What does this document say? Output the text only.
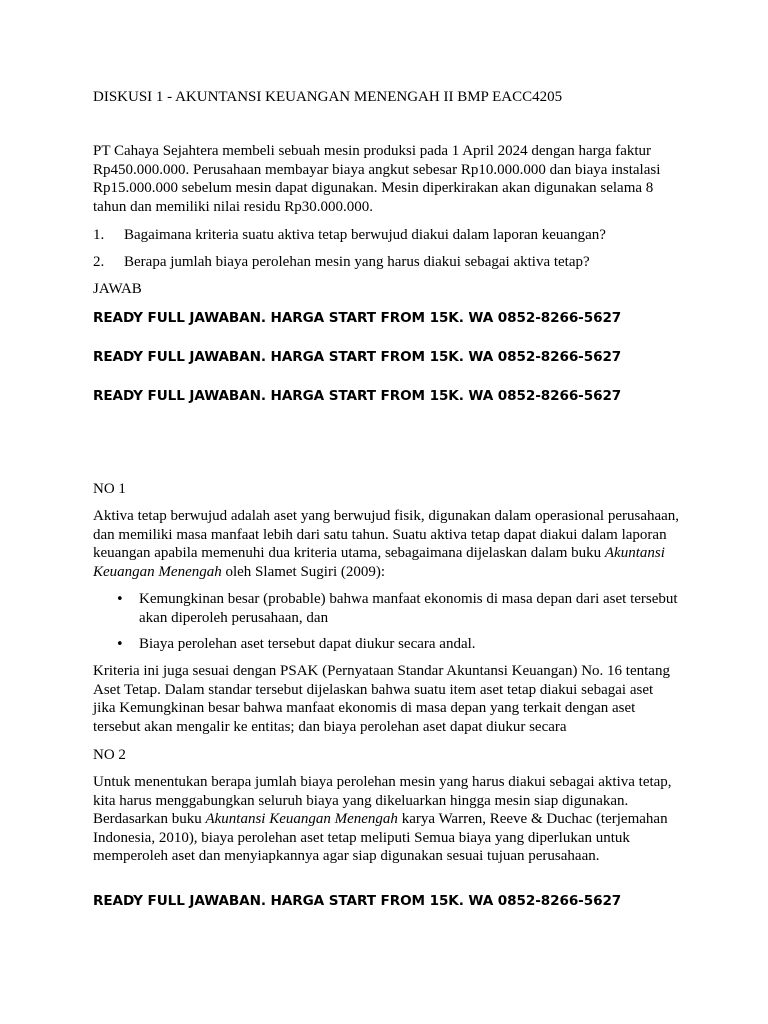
DISKUSI 1 - AKUNTANSI KEUANGAN MENENGAH II BMP EACC4205

PT Cahaya Sejahtera membeli sebuah mesin produksi pada 1 April 2024 dengan harga faktur Rp450.000.000. Perusahaan membayar biaya angkut sebesar Rp10.000.000 dan biaya instalasi Rp15.000.000 sebelum mesin dapat digunakan. Mesin diperkirakan akan digunakan selama 8 tahun dan memiliki nilai residu Rp30.000.000.

1. Bagaimana kriteria suatu aktiva tetap berwujud diakui dalam laporan keuangan?
2. Berapa jumlah biaya perolehan mesin yang harus diakui sebagai aktiva tetap?

JAWAB

READY FULL JAWABAN. HARGA START FROM 15K. WA 0852-8266-5627

READY FULL JAWABAN. HARGA START FROM 15K. WA 0852-8266-5627

READY FULL JAWABAN. HARGA START FROM 15K. WA 0852-8266-5627

NO 1

Aktiva tetap berwujud adalah aset yang berwujud fisik, digunakan dalam operasional perusahaan, dan memiliki masa manfaat lebih dari satu tahun. Suatu aktiva tetap dapat diakui dalam laporan keuangan apabila memenuhi dua kriteria utama, sebagaimana dijelaskan dalam buku Akuntansi Keuangan Menengah oleh Slamet Sugiri (2009):

• Kemungkinan besar (probable) bahwa manfaat ekonomis di masa depan dari aset tersebut akan diperoleh perusahaan, dan

• Biaya perolehan aset tersebut dapat diukur secara andal.

Kriteria ini juga sesuai dengan PSAK (Pernyataan Standar Akuntansi Keuangan) No. 16 tentang Aset Tetap. Dalam standar tersebut dijelaskan bahwa suatu item aset tetap diakui sebagai aset jika Kemungkinan besar bahwa manfaat ekonomis di masa depan yang terkait dengan aset tersebut akan mengalir ke entitas; dan biaya perolehan aset dapat diukur secara

NO 2

Untuk menentukan berapa jumlah biaya perolehan mesin yang harus diakui sebagai aktiva tetap, kita harus menggabungkan seluruh biaya yang dikeluarkan hingga mesin siap digunakan. Berdasarkan buku Akuntansi Keuangan Menengah karya Warren, Reeve & Duchac (terjemahan Indonesia, 2010), biaya perolehan aset tetap meliputi Semua biaya yang diperlukan untuk memperoleh aset dan menyiapkannya agar siap digunakan sesuai tujuan perusahaan.

READY FULL JAWABAN. HARGA START FROM 15K. WA 0852-8266-5627
